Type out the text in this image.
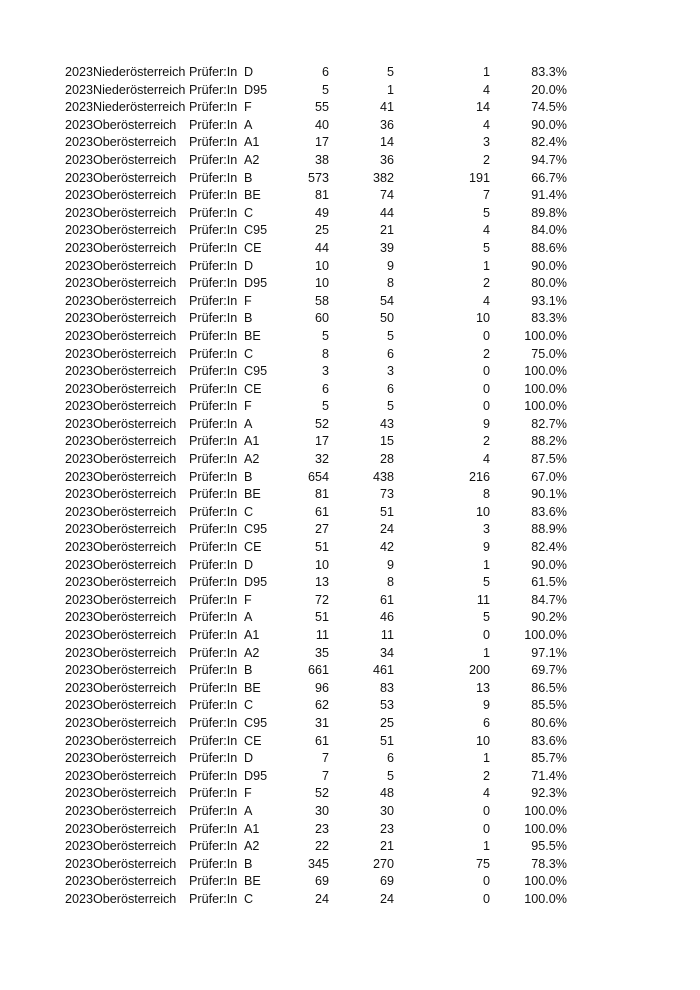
2023 Niederösterreich Prüfer:In D	6	5	1	83.3%
2023 Niederösterreich Prüfer:In D95	5	1	4	20.0%
2023 Niederösterreich Prüfer:In F	55	41	14	74.5%
2023 Oberösterreich Prüfer:In A	40	36	4	90.0%
2023 Oberösterreich Prüfer:In A1	17	14	3	82.4%
2023 Oberösterreich Prüfer:In A2	38	36	2	94.7%
2023 Oberösterreich Prüfer:In B	573	382	191	66.7%
2023 Oberösterreich Prüfer:In BE	81	74	7	91.4%
2023 Oberösterreich Prüfer:In C	49	44	5	89.8%
2023 Oberösterreich Prüfer:In C95	25	21	4	84.0%
2023 Oberösterreich Prüfer:In CE	44	39	5	88.6%
2023 Oberösterreich Prüfer:In D	10	9	1	90.0%
2023 Oberösterreich Prüfer:In D95	10	8	2	80.0%
2023 Oberösterreich Prüfer:In F	58	54	4	93.1%
2023 Oberösterreich Prüfer:In B	60	50	10	83.3%
2023 Oberösterreich Prüfer:In BE	5	5	0	100.0%
2023 Oberösterreich Prüfer:In C	8	6	2	75.0%
2023 Oberösterreich Prüfer:In C95	3	3	0	100.0%
2023 Oberösterreich Prüfer:In CE	6	6	0	100.0%
2023 Oberösterreich Prüfer:In F	5	5	0	100.0%
2023 Oberösterreich Prüfer:In A	52	43	9	82.7%
2023 Oberösterreich Prüfer:In A1	17	15	2	88.2%
2023 Oberösterreich Prüfer:In A2	32	28	4	87.5%
2023 Oberösterreich Prüfer:In B	654	438	216	67.0%
2023 Oberösterreich Prüfer:In BE	81	73	8	90.1%
2023 Oberösterreich Prüfer:In C	61	51	10	83.6%
2023 Oberösterreich Prüfer:In C95	27	24	3	88.9%
2023 Oberösterreich Prüfer:In CE	51	42	9	82.4%
2023 Oberösterreich Prüfer:In D	10	9	1	90.0%
2023 Oberösterreich Prüfer:In D95	13	8	5	61.5%
2023 Oberösterreich Prüfer:In F	72	61	11	84.7%
2023 Oberösterreich Prüfer:In A	51	46	5	90.2%
2023 Oberösterreich Prüfer:In A1	11	11	0	100.0%
2023 Oberösterreich Prüfer:In A2	35	34	1	97.1%
2023 Oberösterreich Prüfer:In B	661	461	200	69.7%
2023 Oberösterreich Prüfer:In BE	96	83	13	86.5%
2023 Oberösterreich Prüfer:In C	62	53	9	85.5%
2023 Oberösterreich Prüfer:In C95	31	25	6	80.6%
2023 Oberösterreich Prüfer:In CE	61	51	10	83.6%
2023 Oberösterreich Prüfer:In D	7	6	1	85.7%
2023 Oberösterreich Prüfer:In D95	7	5	2	71.4%
2023 Oberösterreich Prüfer:In F	52	48	4	92.3%
2023 Oberösterreich Prüfer:In A	30	30	0	100.0%
2023 Oberösterreich Prüfer:In A1	23	23	0	100.0%
2023 Oberösterreich Prüfer:In A2	22	21	1	95.5%
2023 Oberösterreich Prüfer:In B	345	270	75	78.3%
2023 Oberösterreich Prüfer:In BE	69	69	0	100.0%
2023 Oberösterreich Prüfer:In C	24	24	0	100.0%
